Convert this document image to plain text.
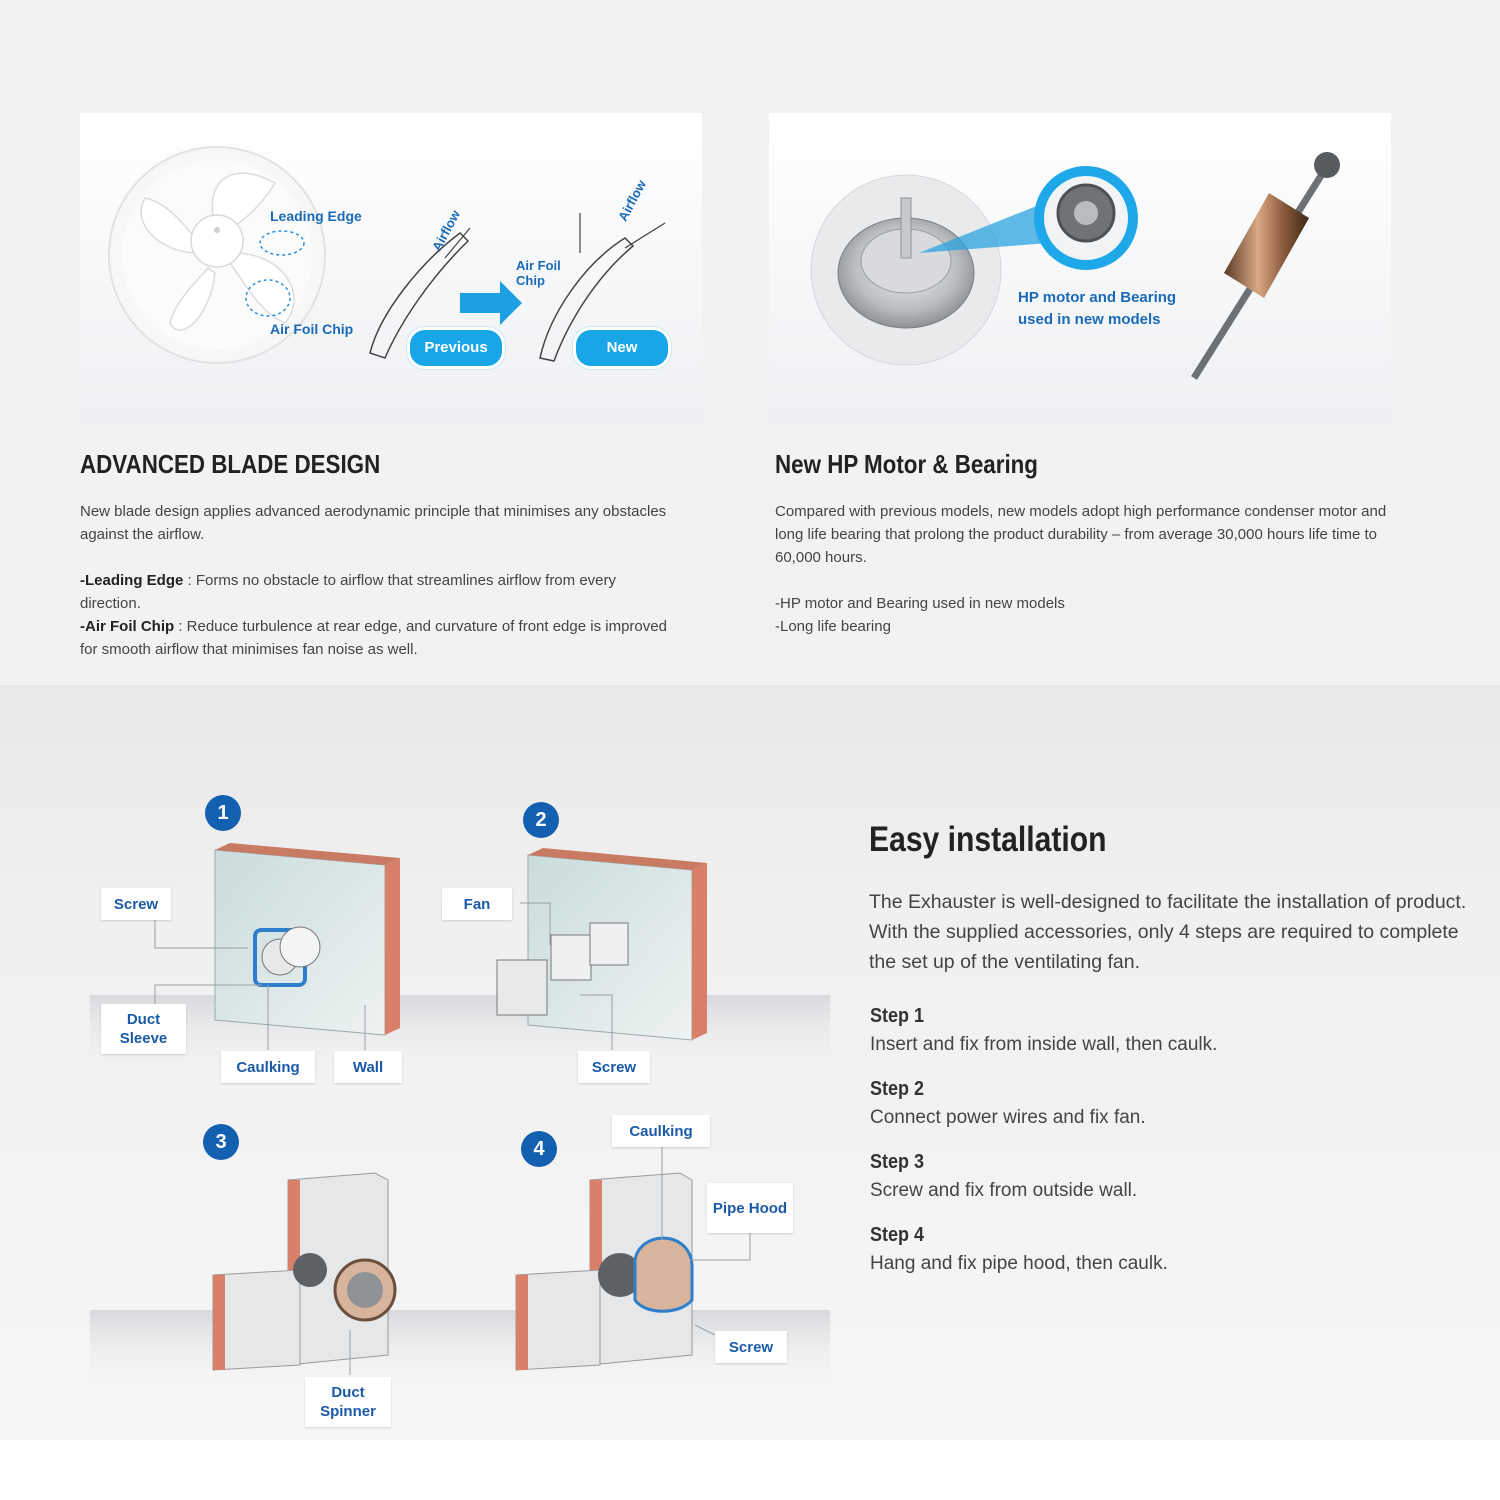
Leading Edge
Air Foil Chip
Airflow
Airflow
Air Foil Chip
Previous	New
HP motor and Bearing used in new models
ADVANCED BLADE DESIGN
New blade design applies advanced aerodynamic principle that minimises any obstacles against the airflow.
-Leading Edge : Forms no obstacle to airflow that streamlines airflow from every direction.
-Air Foil Chip : Reduce turbulence at rear edge, and curvature of front edge is improved for smooth airflow that minimises fan noise as well.
New HP Motor & Bearing
Compared with previous models, new models adopt high performance condenser motor and long life bearing that prolong the product durability – from average 30,000 hours life time to 60,000 hours.
-HP motor and Bearing used in new models
-Long life bearing
1	2
3	4
Screw
Duct Sleeve
Caulking	Wall
Fan
Screw
Duct Spinner
Caulking
Pipe Hood
Screw
Easy installation
The Exhauster is well-designed to facilitate the installation of product. With the supplied accessories, only 4 steps are required to complete the set up of the ventilating fan.
Step 1
Insert and fix from inside wall, then caulk.
Step 2
Connect power wires and fix fan.
Step 3
Screw and fix from outside wall.
Step 4
Hang and fix pipe hood, then caulk.
